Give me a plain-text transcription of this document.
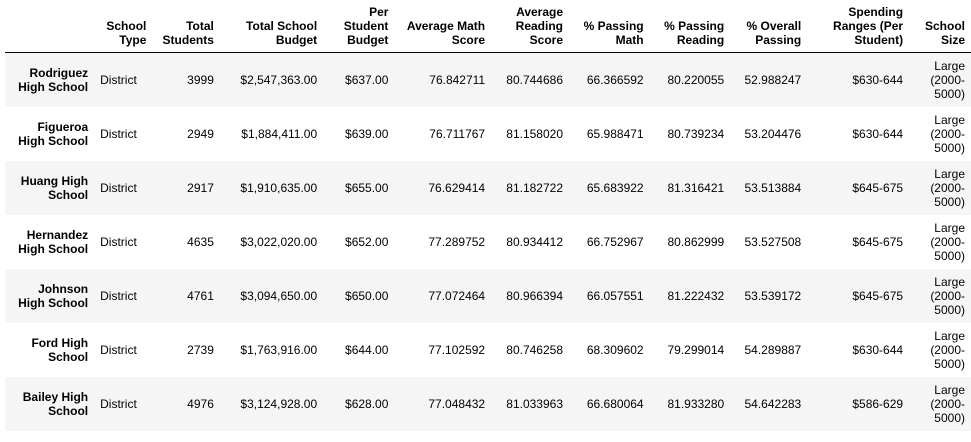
	School Type	Total Students	Total School Budget	Per Student Budget	Average Math Score	Average Reading Score	% Passing Math	% Passing Reading	% Overall Passing	Spending Ranges (Per Student)	School Size
Rodriguez High School	District	3999	$2,547,363.00	$637.00	76.842711	80.744686	66.366592	80.220055	52.988247	$630-644	Large (2000-5000)
Figueroa High School	District	2949	$1,884,411.00	$639.00	76.711767	81.158020	65.988471	80.739234	53.204476	$630-644	Large (2000-5000)
Huang High School	District	2917	$1,910,635.00	$655.00	76.629414	81.182722	65.683922	81.316421	53.513884	$645-675	Large (2000-5000)
Hernandez High School	District	4635	$3,022,020.00	$652.00	77.289752	80.934412	66.752967	80.862999	53.527508	$645-675	Large (2000-5000)
Johnson High School	District	4761	$3,094,650.00	$650.00	77.072464	80.966394	66.057551	81.222432	53.539172	$645-675	Large (2000-5000)
Ford High School	District	2739	$1,763,916.00	$644.00	77.102592	80.746258	68.309602	79.299014	54.289887	$630-644	Large (2000-5000)
Bailey High School	District	4976	$3,124,928.00	$628.00	77.048432	81.033963	66.680064	81.933280	54.642283	$586-629	Large (2000-5000)
